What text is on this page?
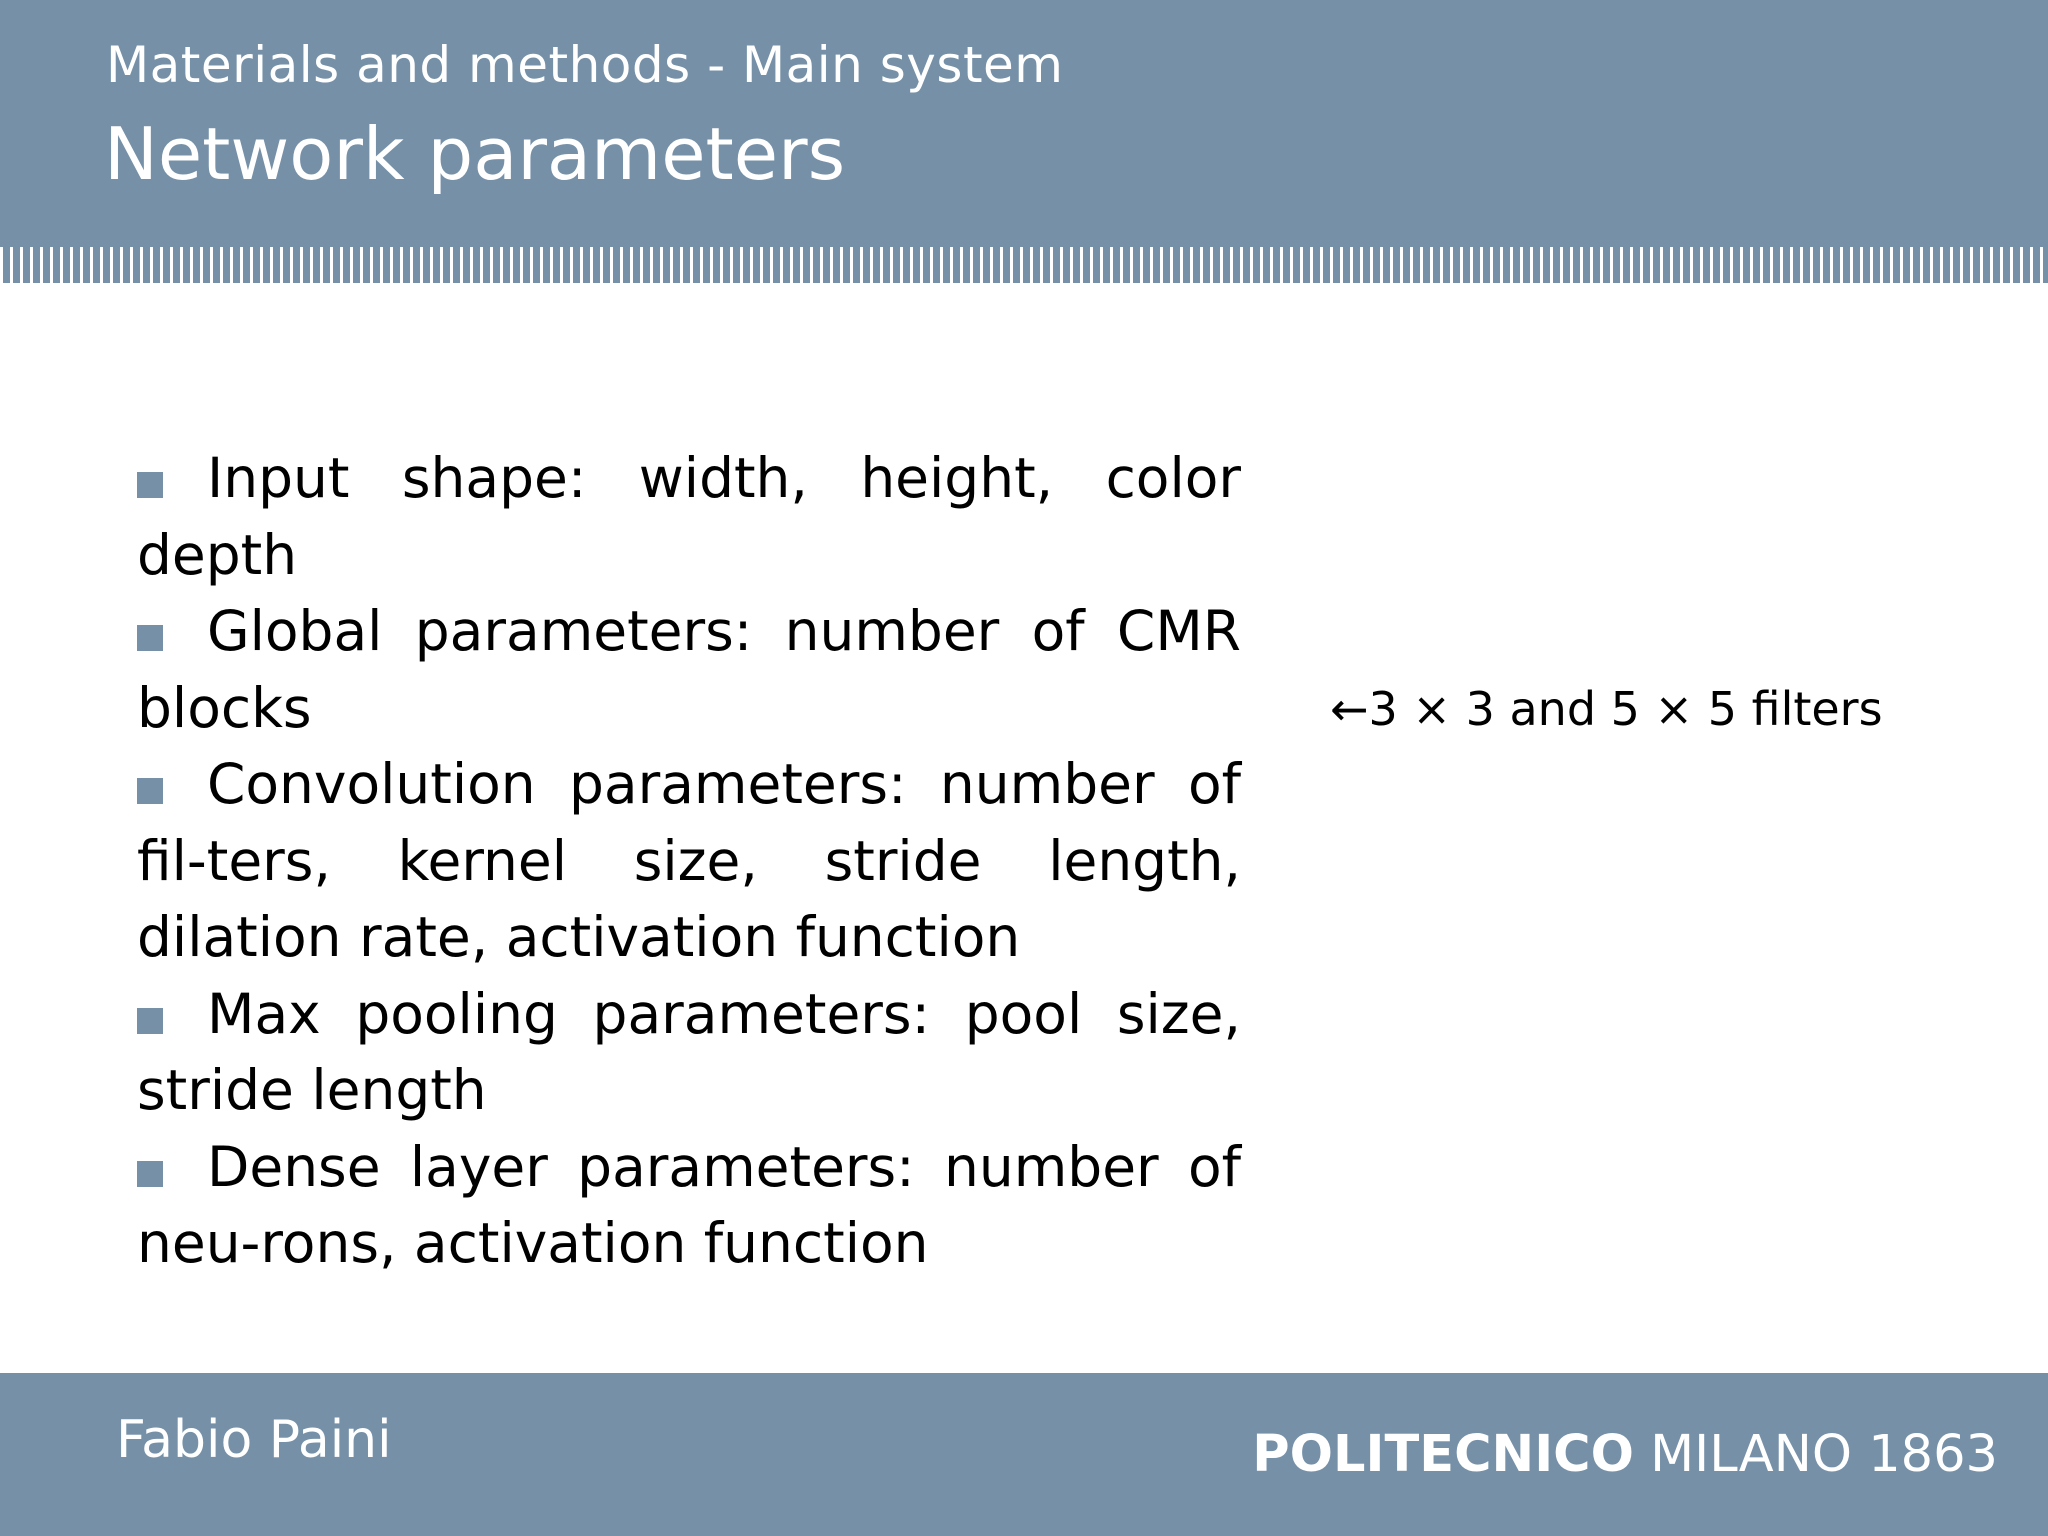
Materials and methods - Main system
Network parameters
Input shape: width, height, color depth
Global parameters: number of CMR blocks
Convolution parameters: number of fil-ters, kernel size, stride length, dilation rate, activation function
Max pooling parameters: pool size, stride length
Dense layer parameters: number of neu-rons, activation function
←3 × 3 and 5 × 5 filters
Fabio Paini	POLITECNICO MILANO 1863
